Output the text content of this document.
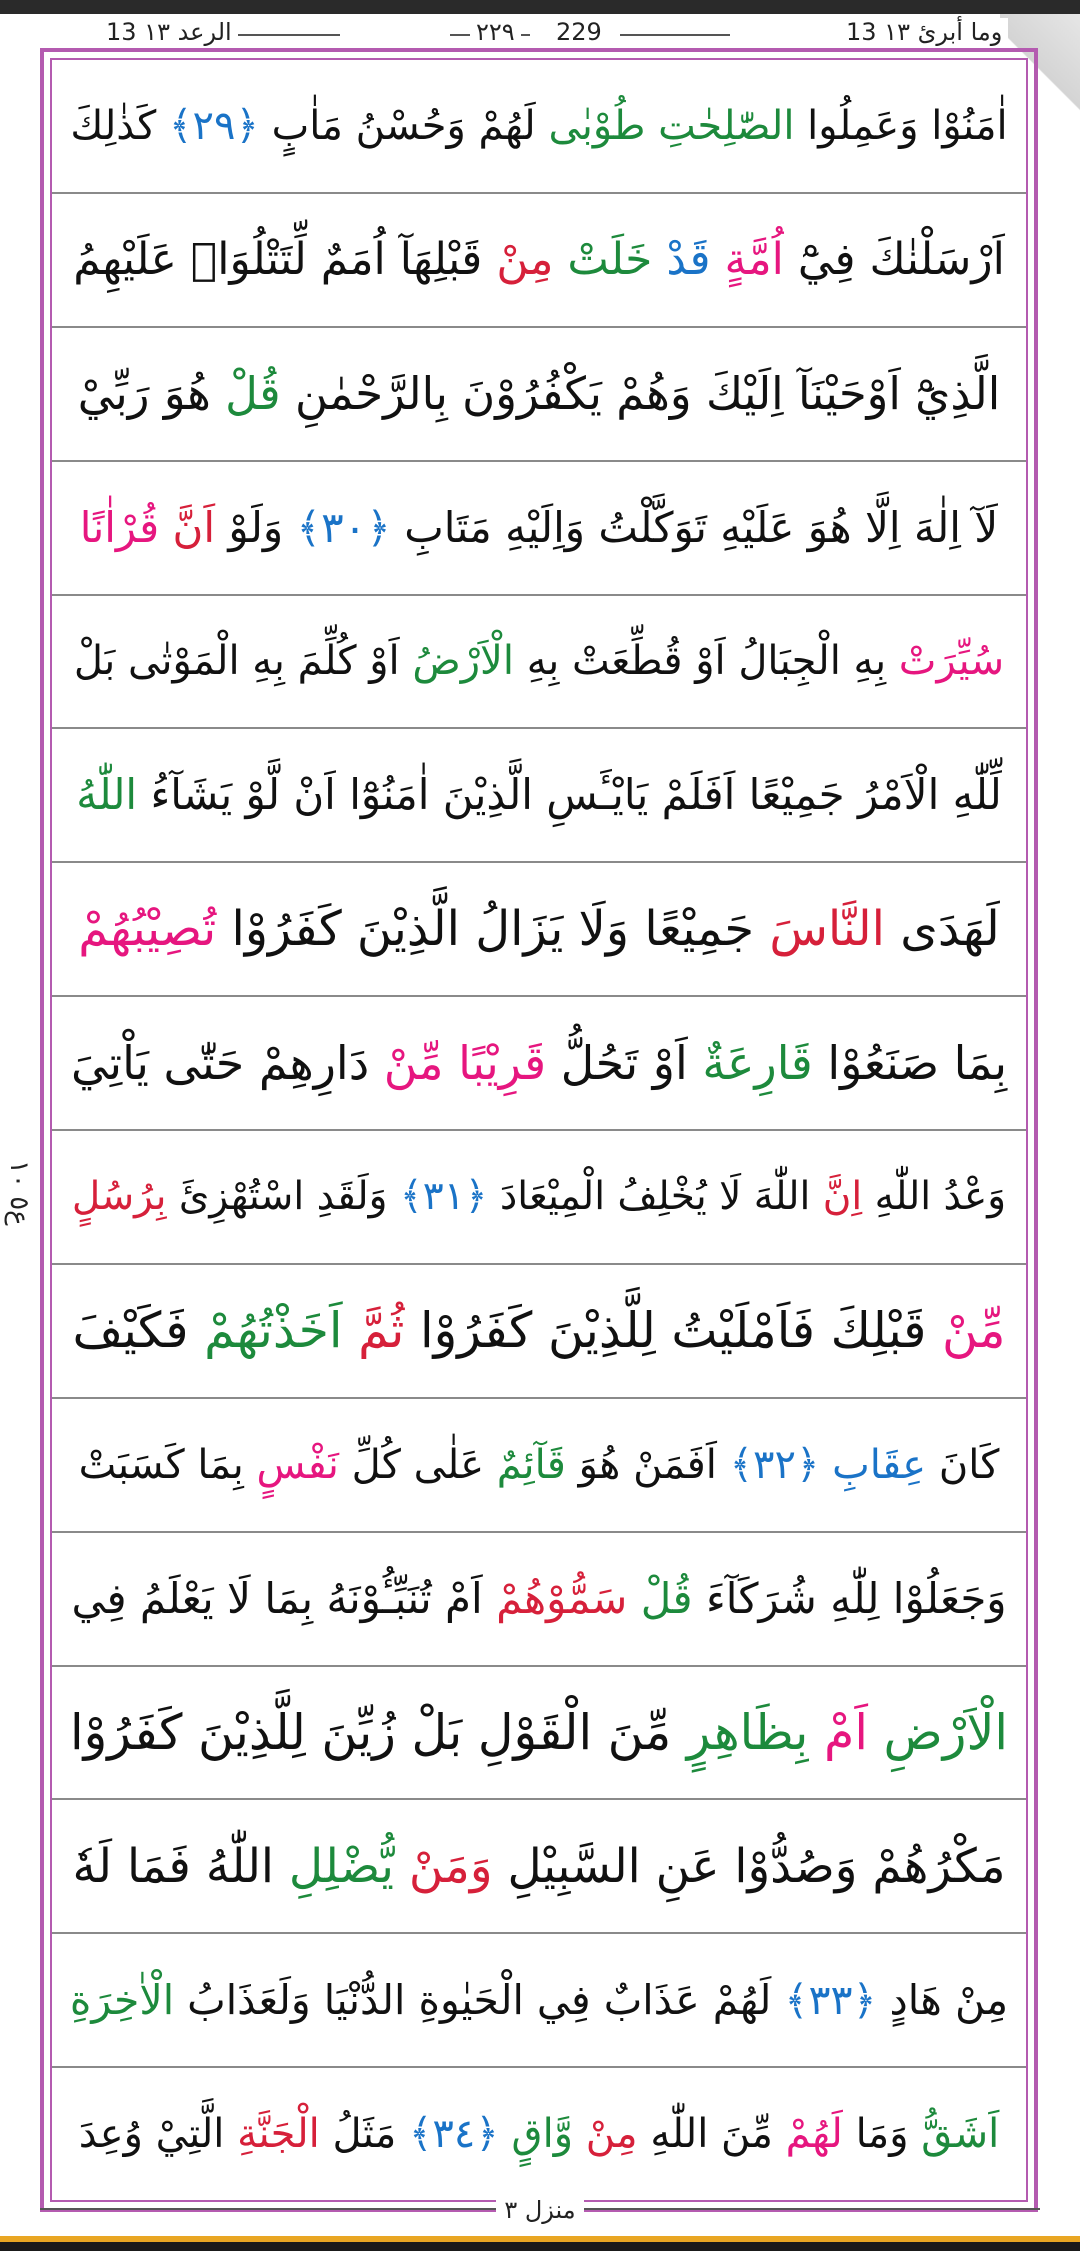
13 الرعد ١٣	٢٢٩ 229	13 وما أبرئ ١٣
اٰمَنُوْا وَعَمِلُوا الصّٰلِحٰتِ طُوْبٰى لَهُمْ وَحُسْنُ مَاٰبٍ ﴿٢٩﴾ كَذٰلِكَ
اَرْسَلْنٰكَ فِيْٓ اُمَّةٍ قَدْ خَلَتْ مِنْ قَبْلِهَآ اُمَمٌ لِّتَتْلُوَا۟ عَلَيْهِمُ
الَّذِيْٓ اَوْحَيْنَآ اِلَيْكَ وَهُمْ يَكْفُرُوْنَ بِالرَّحْمٰنِ قُلْ هُوَ رَبِّيْ
لَآ اِلٰهَ اِلَّا هُوَ عَلَيْهِ تَوَكَّلْتُ وَاِلَيْهِ مَتَابِ ﴿٣٠﴾ وَلَوْ اَنَّ قُرْاٰنًا
سُيِّرَتْ بِهِ الْجِبَالُ اَوْ قُطِّعَتْ بِهِ الْاَرْضُ اَوْ كُلِّمَ بِهِ الْمَوْتٰى بَلْ
لِّلّٰهِ الْاَمْرُ جَمِيْعًا اَفَلَمْ يَايْـَٔسِ الَّذِيْنَ اٰمَنُوْٓا اَنْ لَّوْ يَشَآءُ اللّٰهُ
لَهَدَى النَّاسَ جَمِيْعًا وَلَا يَزَالُ الَّذِيْنَ كَفَرُوْا تُصِيْبُهُمْ
بِمَا صَنَعُوْا قَارِعَةٌ اَوْ تَحُلُّ قَرِيْبًا مِّنْ دَارِهِمْ حَتّٰى يَاْتِيَ
وَعْدُ اللّٰهِ اِنَّ اللّٰهَ لَا يُخْلِفُ الْمِيْعَادَ ﴿٣١﴾ وَلَقَدِ اسْتُهْزِئَ بِرُسُلٍ
مِّنْ قَبْلِكَ فَاَمْلَيْتُ لِلَّذِيْنَ كَفَرُوْا ثُمَّ اَخَذْتُهُمْ فَكَيْفَ
كَانَ عِقَابِ ﴿٣٢﴾ اَفَمَنْ هُوَ قَآئِمٌ عَلٰى كُلِّ نَفْسٍ بِمَا كَسَبَتْ
وَجَعَلُوْا لِلّٰهِ شُرَكَآءَ قُلْ سَمُّوْهُمْ اَمْ تُنَبِّـُٔوْنَهُ بِمَا لَا يَعْلَمُ فِي
الْاَرْضِ اَمْ بِظَاهِرٍ مِّنَ الْقَوْلِ بَلْ زُيِّنَ لِلَّذِيْنَ كَفَرُوْا
مَكْرُهُمْ وَصُدُّوْا عَنِ السَّبِيْلِ وَمَنْ يُّضْلِلِ اللّٰهُ فَمَا لَهٗ
مِنْ هَادٍ ﴿٣٣﴾ لَهُمْ عَذَابٌ فِي الْحَيٰوةِ الدُّنْيَا وَلَعَذَابُ الْاٰخِرَةِ
اَشَقُّ وَمَا لَهُمْ مِّنَ اللّٰهِ مِنْ وَّاقٍ ﴿٣٤﴾ مَثَلُ الْجَنَّةِ الَّتِيْ وُعِدَ
ع٥ ١٠
منزل ٣
